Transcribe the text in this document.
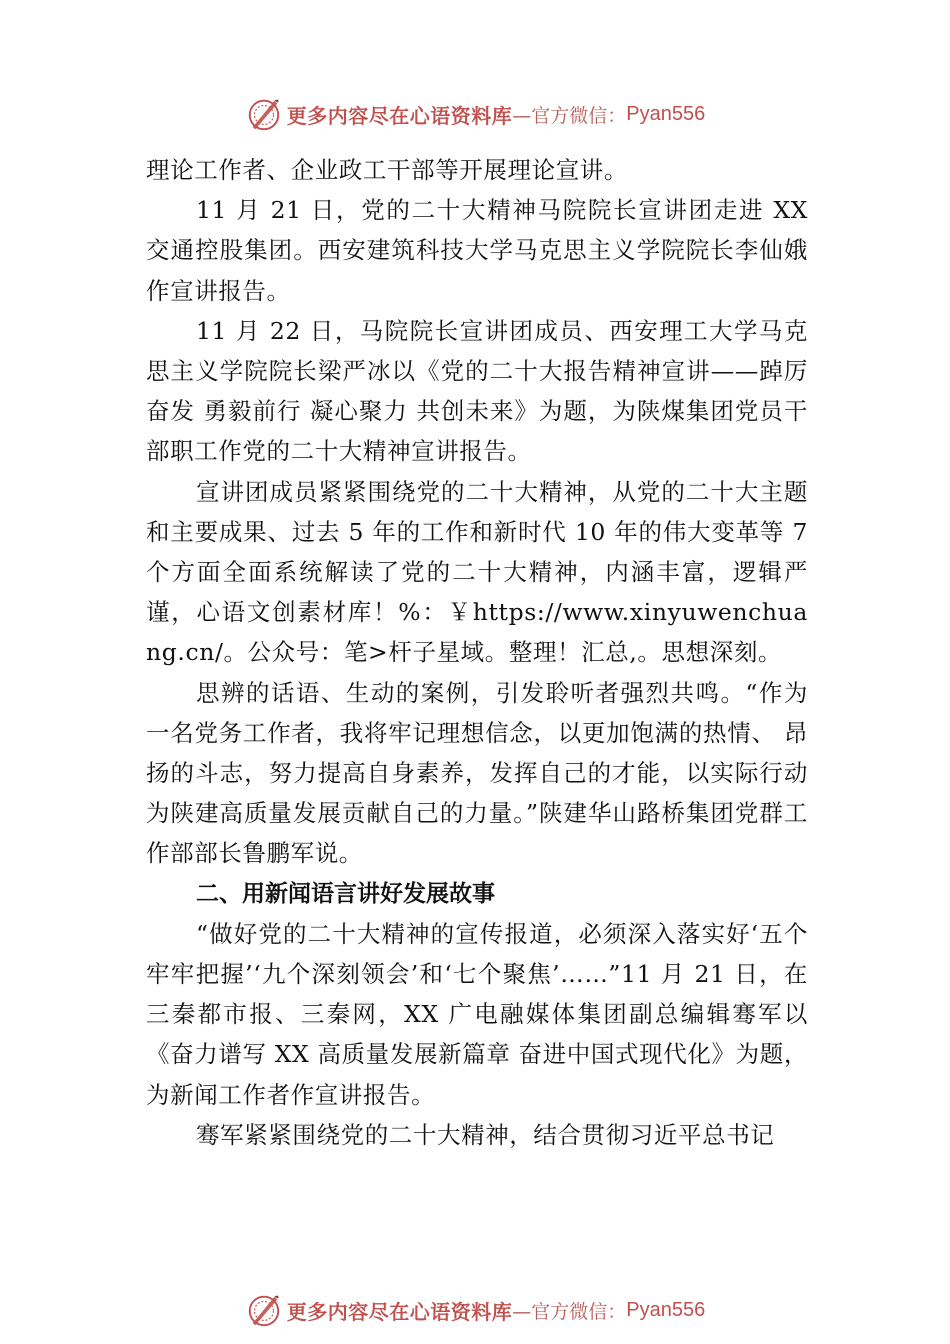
更多内容尽在心语资料库 —官方微信： Pyan556

理论工作者、企业政工干部等开展理论宣讲。

11 月 21 日，党的二十大精神马院院长宣讲团走进 XX 交通控股集团。西安建筑科技大学马克思主义学院院长李仙娥作宣讲报告。

11 月 22 日，马院院长宣讲团成员、西安理工大学马克思主义学院院长梁严冰以《党的二十大报告精神宣讲——踔厉奋发 勇毅前行 凝心聚力 共创未来》为题，为陕煤集团党员干部职工作党的二十大精神宣讲报告。

宣讲团成员紧紧围绕党的二十大精神，从党的二十大主题和主要成果、过去 5 年的工作和新时代 10 年的伟大变革等 7 个方面全面系统解读了党的二十大精神，内涵丰富，逻辑严谨，心语文创素材库！%：￥https://www.xinyuwenchuang.cn/。公众号：笔>杆子星域。整理！汇总,。思想深刻。

思辨的话语、生动的案例，引发聆听者强烈共鸣。“作为一名党务工作者，我将牢记理想信念，以更加饱满的热情、 昂扬的斗志，努力提高自身素养，发挥自己的才能，以实际行动为陕建高质量发展贡献自己的力量。”陕建华山路桥集团党群工作部部长鲁鹏军说。

二、用新闻语言讲好发展故事

“做好党的二十大精神的宣传报道，必须深入落实好‘五个牢牢把握’‘九个深刻领会’和‘七个聚焦’……”11 月 21 日，在三秦都市报、三秦网，XX 广电融媒体集团副总编辑骞军以《奋力谱写 XX 高质量发展新篇章 奋进中国式现代化》为题，为新闻工作者作宣讲报告。

骞军紧紧围绕党的二十大精神，结合贯彻习近平总书记

更多内容尽在心语资料库 —官方微信： Pyan556
